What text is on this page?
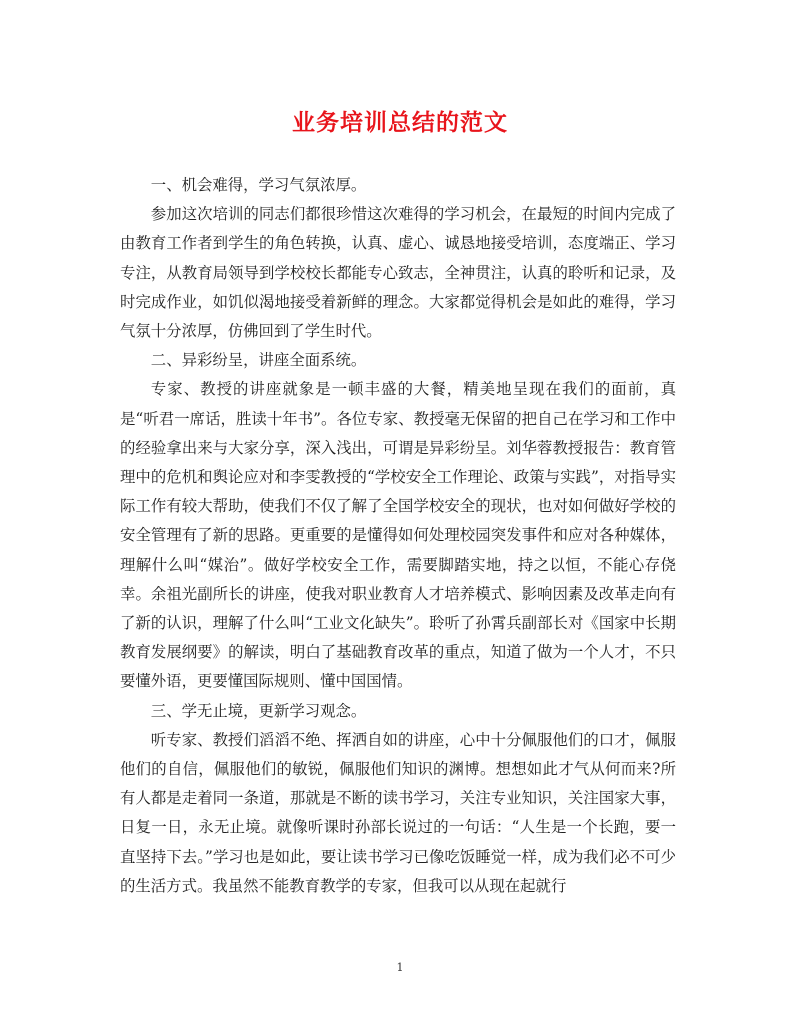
业务培训总结的范文

一、机会难得，学习气氛浓厚。

参加这次培训的同志们都很珍惜这次难得的学习机会，在最短的时间内完成了由教育工作者到学生的角色转换，认真、虚心、诚恳地接受培训，态度端正、学习专注，从教育局领导到学校校长都能专心致志，全神贯注，认真的聆听和记录，及时完成作业，如饥似渴地接受着新鲜的理念。大家都觉得机会是如此的难得，学习气氛十分浓厚，仿佛回到了学生时代。

二、异彩纷呈，讲座全面系统。

专家、教授的讲座就象是一顿丰盛的大餐，精美地呈现在我们的面前，真是“听君一席话，胜读十年书”。各位专家、教授毫无保留的把自己在学习和工作中的经验拿出来与大家分享，深入浅出，可谓是异彩纷呈。刘华蓉教授报告：教育管理中的危机和舆论应对和李雯教授的“学校安全工作理论、政策与实践”，对指导实际工作有较大帮助，使我们不仅了解了全国学校安全的现状，也对如何做好学校的安全管理有了新的思路。更重要的是懂得如何处理校园突发事件和应对各种媒体，理解什么叫“媒治”。做好学校安全工作，需要脚踏实地，持之以恒，不能心存侥幸。余祖光副所长的讲座，使我对职业教育人才培养模式、影响因素及改革走向有了新的认识，理解了什么叫“工业文化缺失”。聆听了孙霄兵副部长对《国家中长期教育发展纲要》的解读，明白了基础教育改革的重点，知道了做为一个人才，不只要懂外语，更要懂国际规则、懂中国国情。

三、学无止境，更新学习观念。

听专家、教授们滔滔不绝、挥洒自如的讲座，心中十分佩服他们的口才，佩服他们的自信，佩服他们的敏锐，佩服他们知识的渊博。想想如此才气从何而来?所有人都是走着同一条道，那就是不断的读书学习，关注专业知识，关注国家大事，日复一日，永无止境。就像听课时孙部长说过的一句话：“人生是一个长跑，要一直坚持下去。”学习也是如此，要让读书学习已像吃饭睡觉一样，成为我们必不可少的生活方式。我虽然不能教育教学的专家，但我可以从现在起就行

1
